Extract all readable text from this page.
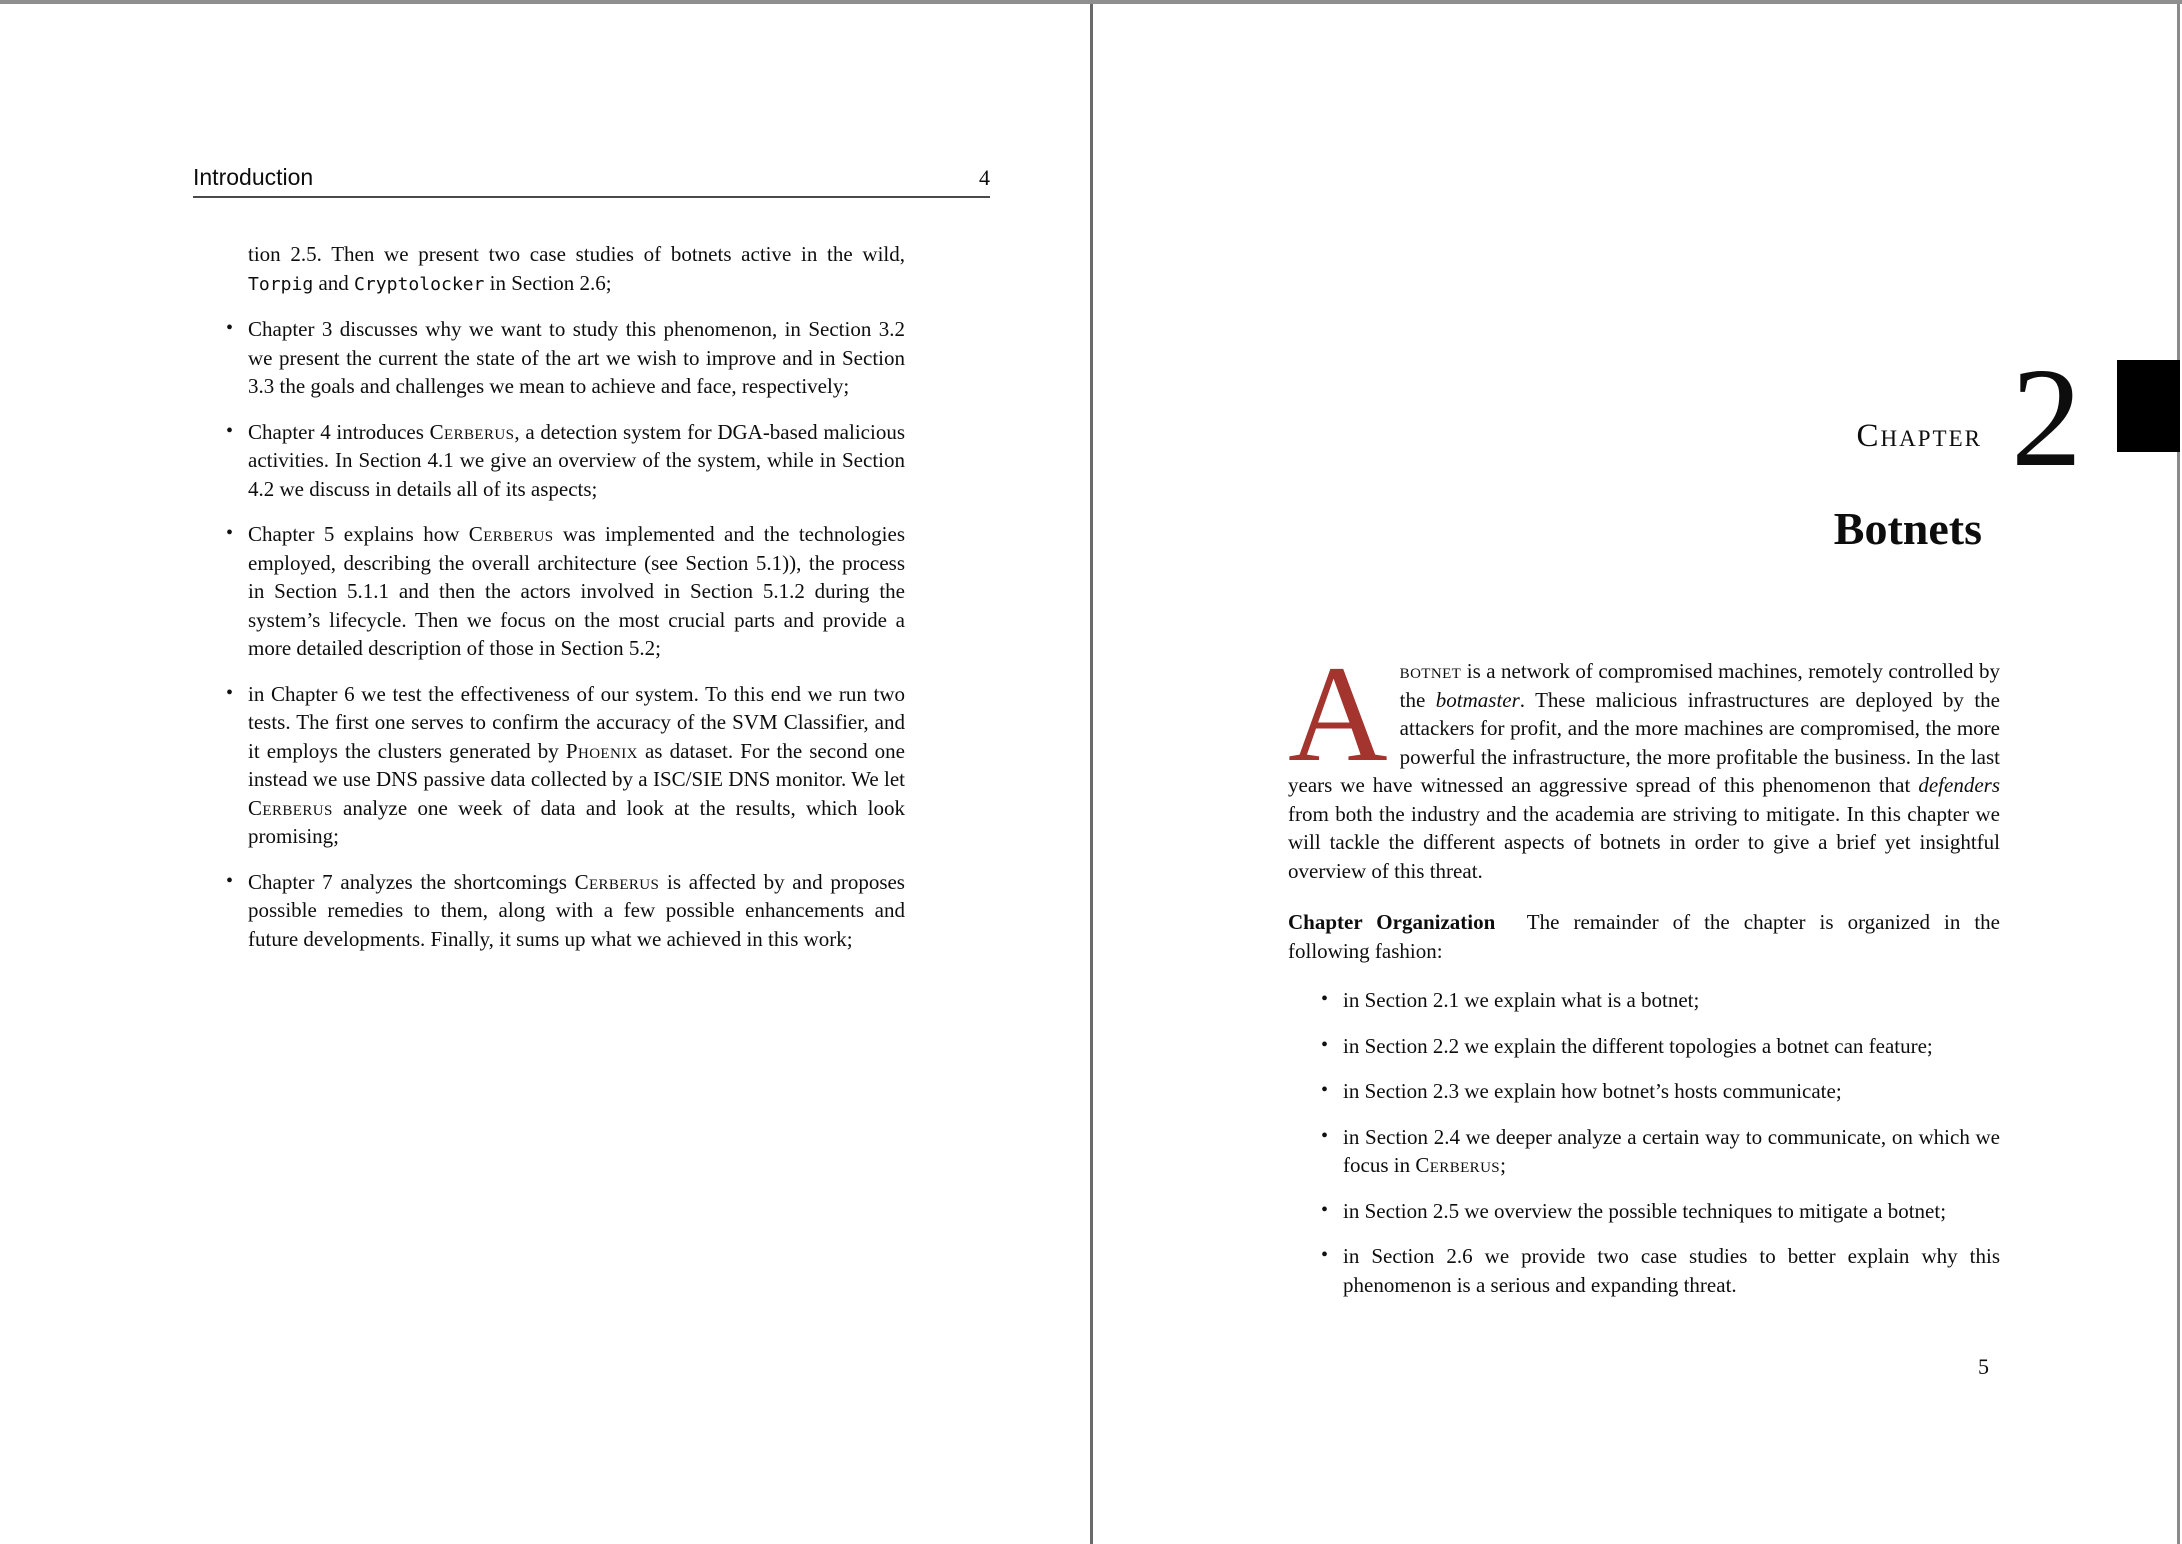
Introduction	4

tion 2.5. Then we present two case studies of botnets active in the wild, Torpig and Cryptolocker in Section 2.6;

• Chapter 3 discusses why we want to study this phenomenon, in Section 3.2 we present the current the state of the art we wish to improve and in Section 3.3 the goals and challenges we mean to achieve and face, respectively;
• Chapter 4 introduces Cerberus, a detection system for DGA-based malicious activities. In Section 4.1 we give an overview of the system, while in Section 4.2 we discuss in details all of its aspects;
• Chapter 5 explains how Cerberus was implemented and the technologies employed, describing the overall architecture (see Section 5.1)), the process in Section 5.1.1 and then the actors involved in Section 5.1.2 during the system’s lifecycle. Then we focus on the most crucial parts and provide a more detailed description of those in Section 5.2;
• in Chapter 6 we test the effectiveness of our system. To this end we run two tests. The first one serves to confirm the accuracy of the SVM Classifier, and it employs the clusters generated by Phoenix as dataset. For the second one instead we use DNS passive data collected by a ISC/SIE DNS monitor. We let Cerberus analyze one week of data and look at the results, which look promising;
• Chapter 7 analyzes the shortcomings Cerberus is affected by and proposes possible remedies to them, along with a few possible enhancements and future developments. Finally, it sums up what we achieved in this work;
Chapter 2
Botnets

Abotnet is a network of compromised machines, remotely controlled by the botmaster. These malicious infrastructures are deployed by the attackers for profit, and the more machines are compromised, the more powerful the infrastructure, the more profitable the business. In the last years we have witnessed an aggressive spread of this phenomenon that defenders from both the industry and the academia are striving to mitigate. In this chapter we will tackle the different aspects of botnets in order to give a brief yet insightful overview of this threat.

Chapter Organization  The remainder of the chapter is organized in the following fashion:

• in Section 2.1 we explain what is a botnet;
• in Section 2.2 we explain the different topologies a botnet can feature;
• in Section 2.3 we explain how botnet’s hosts communicate;
• in Section 2.4 we deeper analyze a certain way to communicate, on which we focus in Cerberus;
• in Section 2.5 we overview the possible techniques to mitigate a botnet;
• in Section 2.6 we provide two case studies to better explain why this phenomenon is a serious and expanding threat.
5
